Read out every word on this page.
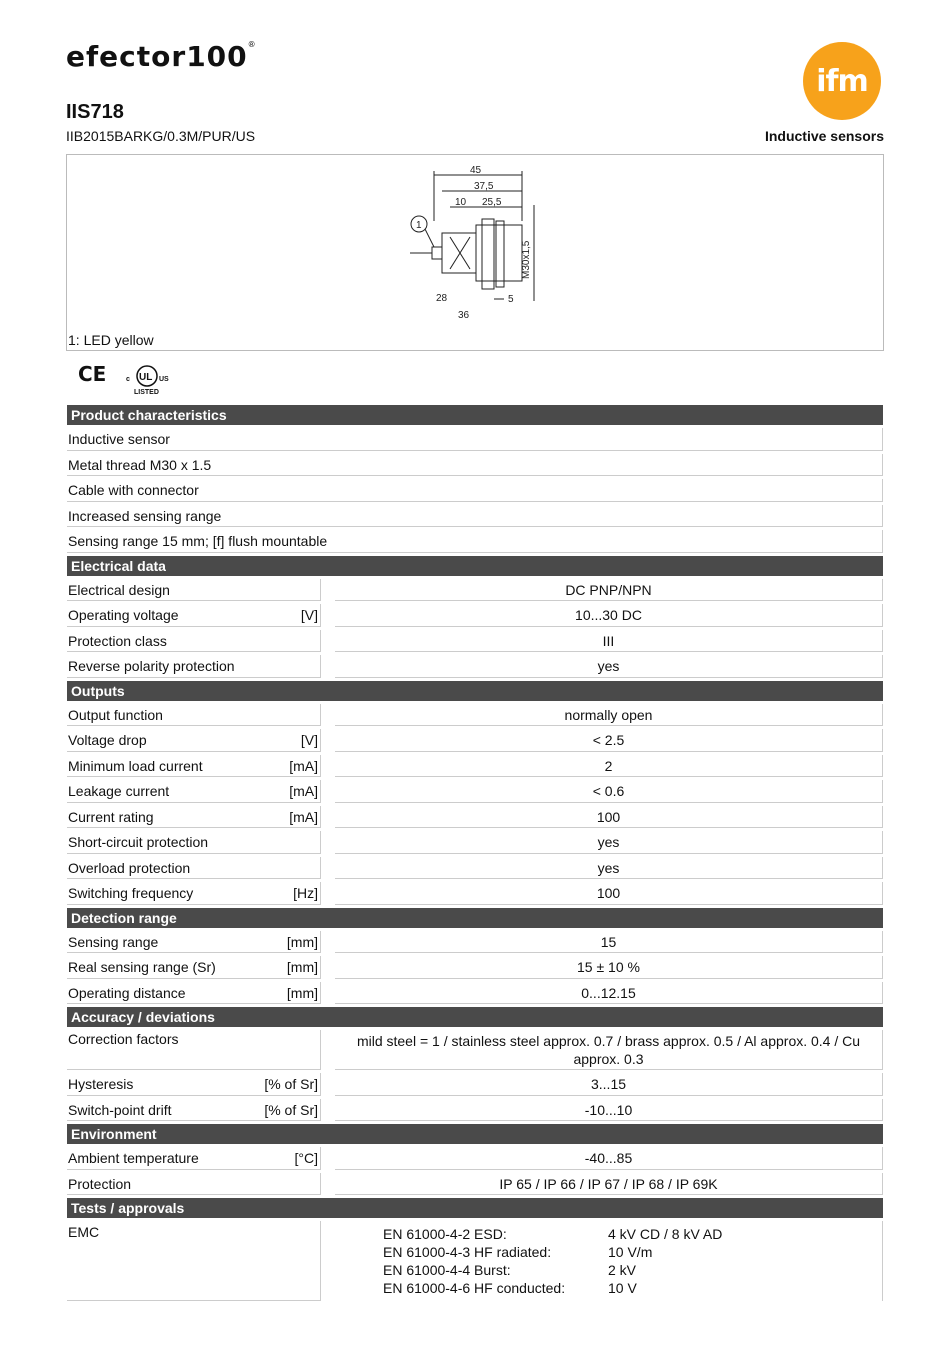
efector100®
ifm
IIS718
IIB2015BARKG/0.3M/PUR/US	Inductive sensors
45
37,5
10 25,5
M30x1,5
1
28
36
5
1: LED yellow
CE	UL
c	US
LISTED
Product characteristics
Inductive sensor
Metal thread M30 x 1.5
Cable with connector
Increased sensing range
Sensing range 15 mm; [f] flush mountable
Electrical data
Electrical design	DC PNP/NPN
Operating voltage	[V]	10...30 DC
Protection class	III
Reverse polarity protection	yes
Outputs
Output function	normally open
Voltage drop	[V]	< 2.5
Minimum load current	[mA]	2
Leakage current	[mA]	< 0.6
Current rating	[mA]	100
Short-circuit protection	yes
Overload protection	yes
Switching frequency	[Hz]	100
Detection range
Sensing range	[mm]	15
Real sensing range (Sr)	[mm]	15 ± 10 %
Operating distance	[mm]	0...12.15
Accuracy / deviations
Correction factors	mild steel = 1 / stainless steel approx. 0.7 / brass approx. 0.5 / Al approx. 0.4 / Cu approx. 0.3
Hysteresis	[% of Sr]	3...15
Switch-point drift	[% of Sr]	-10...10
Environment
Ambient temperature	[°C]	-40...85
Protection	IP 65 / IP 66 / IP 67 / IP 68 / IP 69K
Tests / approvals
EMC	EN 61000-4-2 ESD:	4 kV CD / 8 kV AD
EN 61000-4-3 HF radiated:	10 V/m
EN 61000-4-4 Burst:	2 kV
EN 61000-4-6 HF conducted:	10 V
